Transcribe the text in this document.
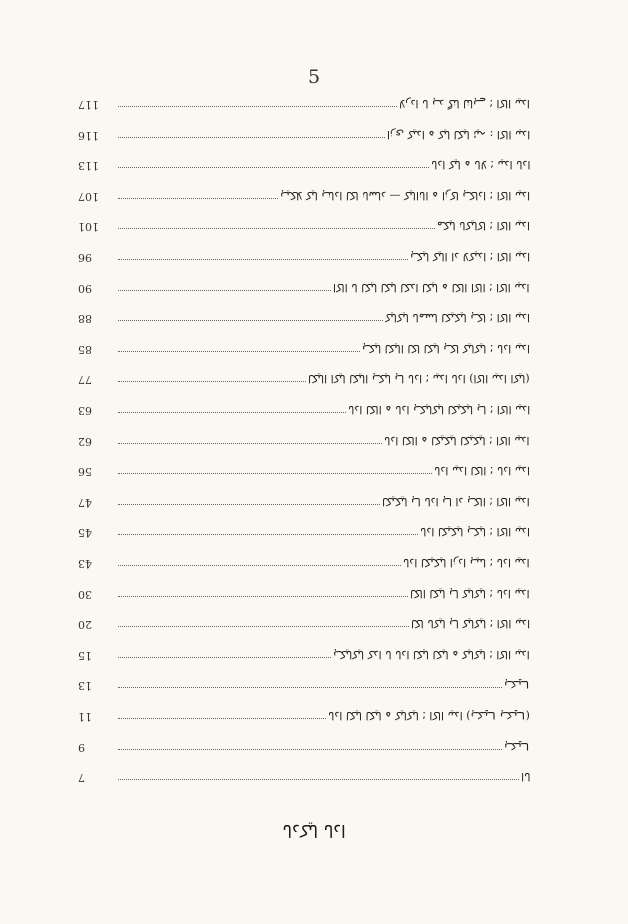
5
117	لاردا ںا ہد گنا لناہے ؛ اکاا ںیدا
116	ازی کیدا ہ کیا لکیا ئیہ : اکاا ںیدا
113	ںادا کیا ہ ںالا ؛ ںیدا ںادا
107	ہیکلا کیا ہنادا لکا ناساد — کیااناا ہ ازکا ہکادا ؛ اکاا ںیدا
101	مکیا ناکیاکا ؛ اکاا ںیدا
96	ہکیا کیاا اد لاکیدا ؛ اکاا ںیدا
90	اکاا ںا لکیا لکیا لکدا لکیا ہ لکاا اکاا ؛ اکاا ںیدا
88	کیاکیا ںامسا لکیکیا ہکا ؛ اکاا ںیدا
85	ہکیا لکیاا لکا لکیا ہکا کیاکیا ؛ ںادا ںیدا
77	(اکاا ںیدا اکیا) لکیاا اکیا لکیاا ہکیا ہا ںادا ؛ ںیدا ںادا
63	ںادا لکاا ہ ںادا ہکیاکیا لکیکیا ہا ؛ اکاا ںیدا
62	ںادا لکاا ہ لکیکیا لکیکیا ؛ اکاا ںیدا
56	ںادا ںیدا لکاا ؛ ںادا ںیدا
47	لکیکیا ہا ںادا ہا اد ہکاا ؛ اکاا ںیدا
45	ںادا لکیکیا ہکیا ؛ اکاا ںیدا
43	ںادا لکیکیا ازدا ہیںا ؛ ںادا ںیدا
30	لکاا لکیا ہا کیاکیا ؛ ںادا ںیدا
20	لکا ںاکیا ہا کیاکیا ؛ اکاا ںیدا
15	ہکیاکیا کدا ںا ںادا لکیا لکیا ہ کیاکیا ؛ اکاا ںیدا
13	ہکیا
11	(ہکیا ہکیا) ںادا لکیا لکیا ہ کیاکیا ؛ اکاا ںیدا
9	ہکیا
7	اںا
ںادکیا ںادا
